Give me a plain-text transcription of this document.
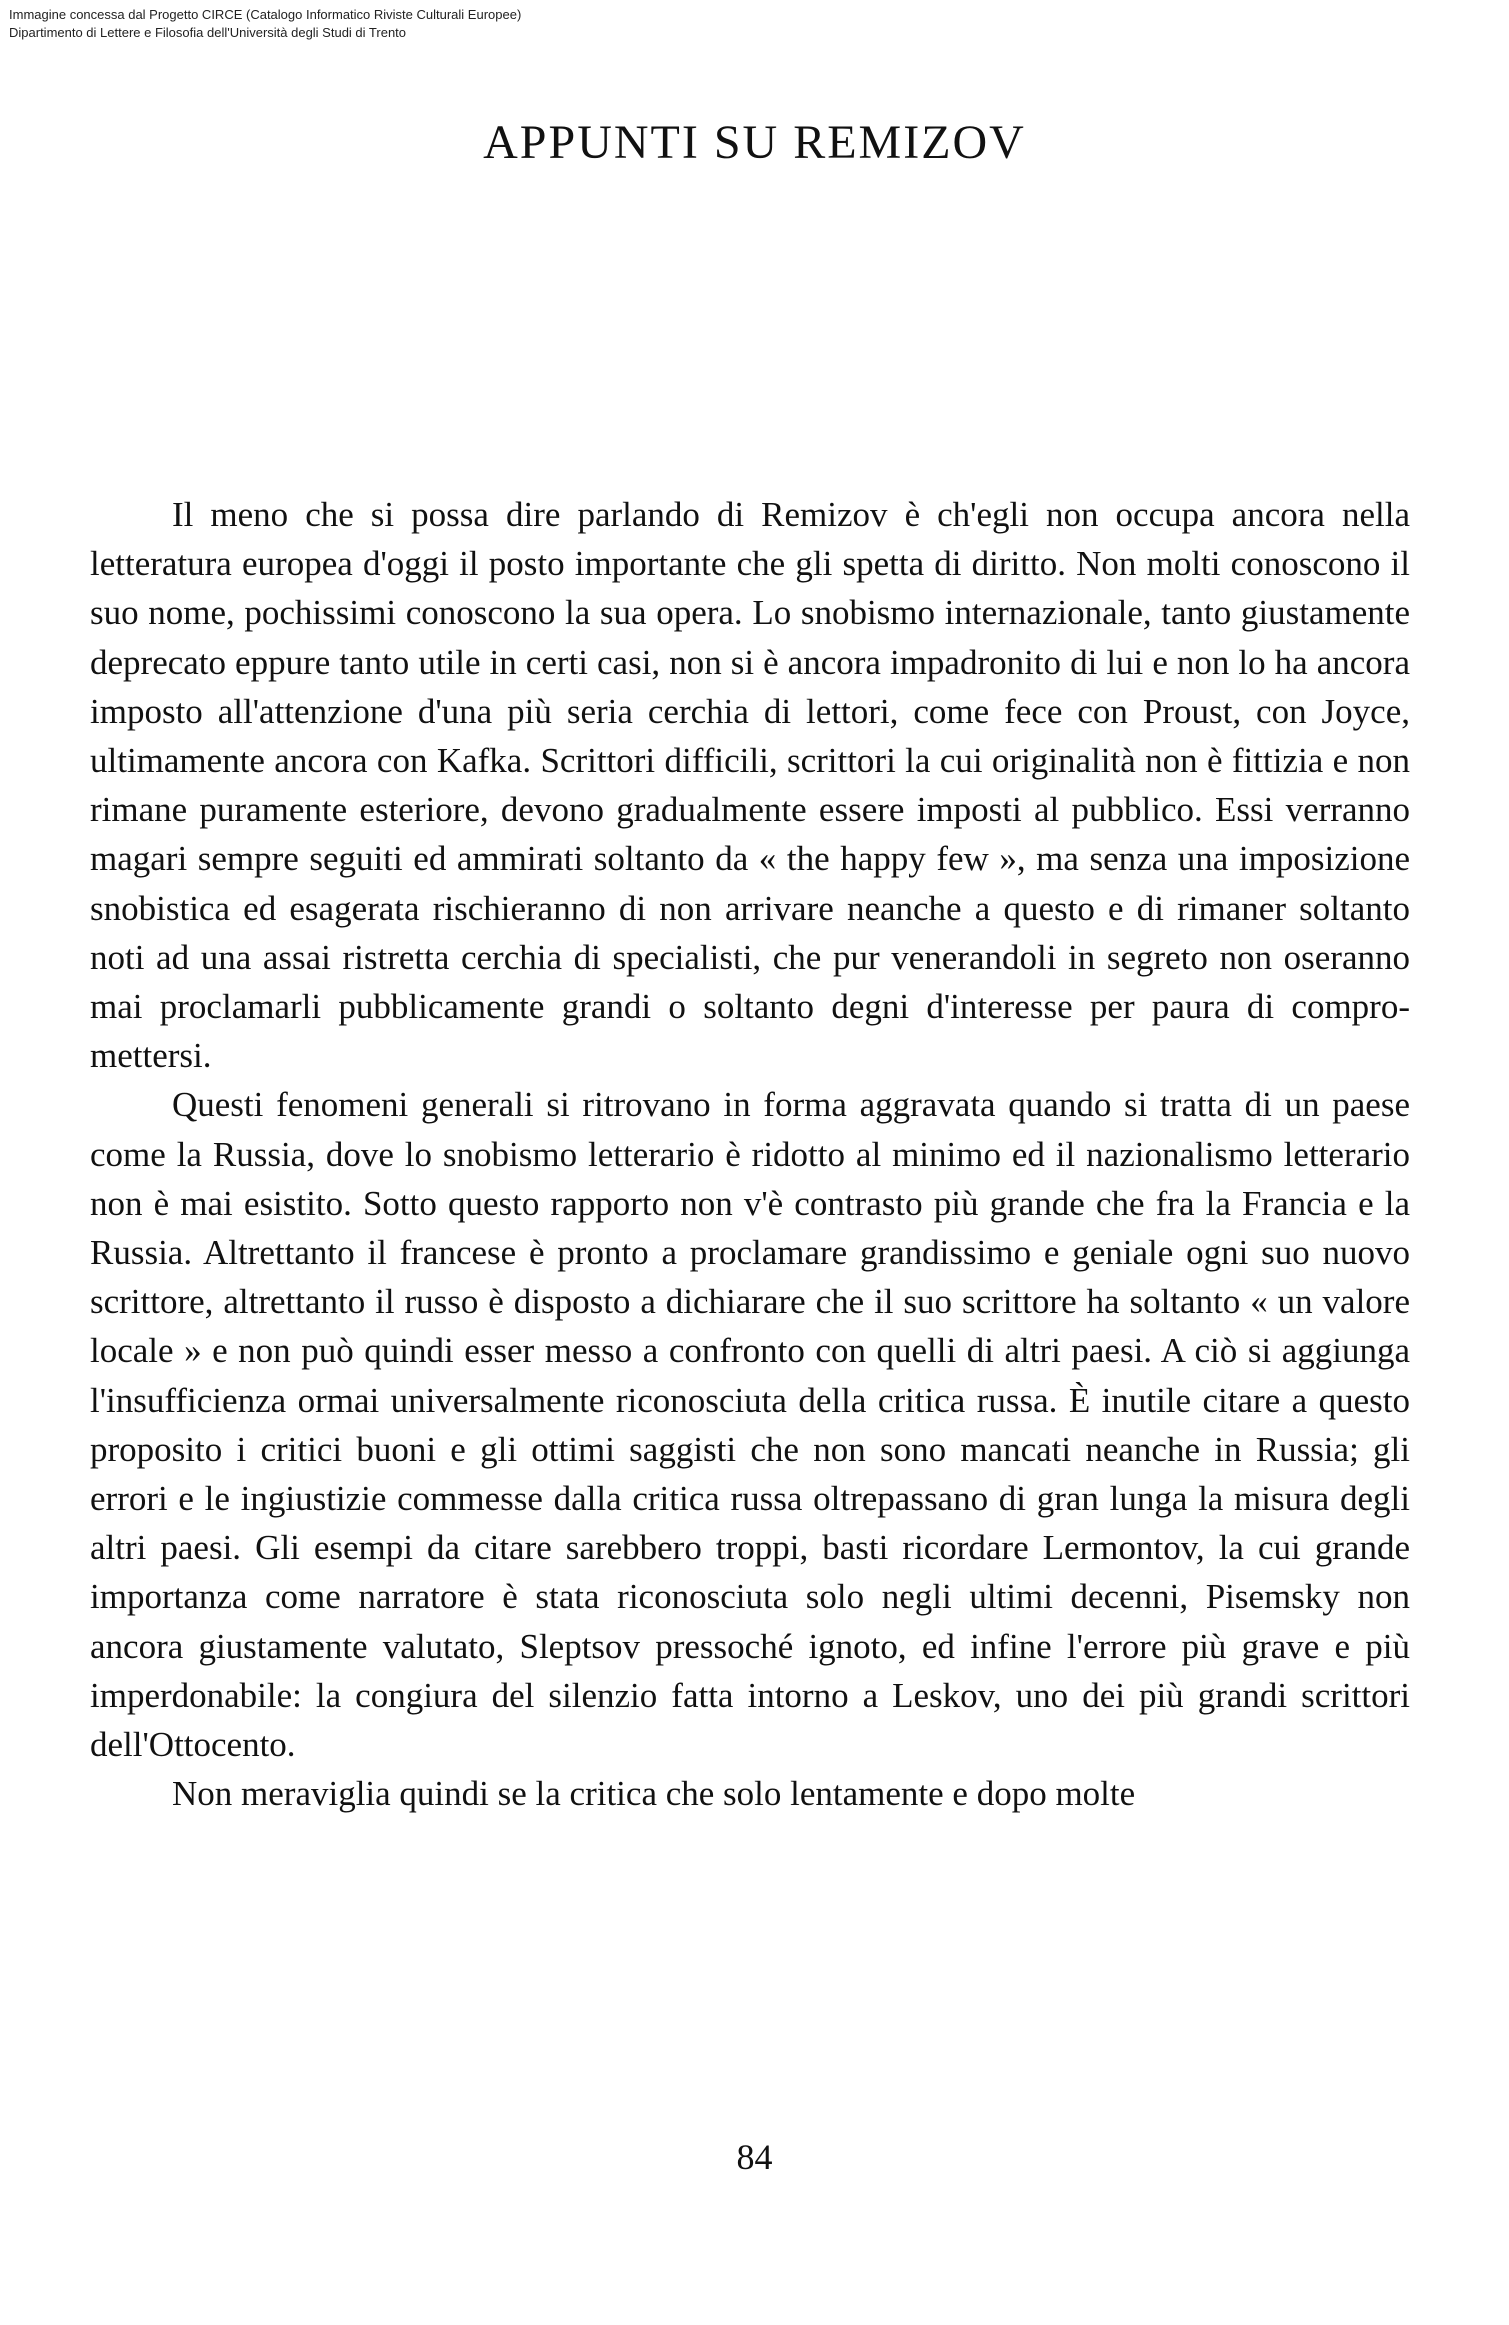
Immagine concessa dal Progetto CIRCE (Catalogo Informatico Riviste Culturali Europee)
Dipartimento di Lettere e Filosofia dell'Università degli Studi di Trento
APPUNTI SU REMIZOV

Il meno che si possa dire parlando di Remizov è ch'egli non occupa ancora nella letteratura europea d'oggi il posto importante che gli spetta di diritto. Non molti conoscono il suo nome, pochissimi conoscono la sua opera. Lo snobismo internazionale, tanto giustamente deprecato eppure tanto utile in certi casi, non si è ancora impadronito di lui e non lo ha ancora imposto all'attenzione d'una più seria cerchia di lettori, come fece con Proust, con Joyce, ultimamente ancora con Kafka. Scrittori difficili, scrittori la cui originalità non è fittizia e non rimane puramente esteriore, devono gradualmente essere imposti al pubblico. Essi verranno magari sempre seguiti ed ammirati soltanto da « the happy few », ma senza una imposizione snobistica ed esagerata rischieranno di non arrivare neanche a questo e di rimaner soltanto noti ad una assai ristretta cerchia di specialisti, che pur venerandoli in segreto non oseranno mai proclamarli pubblicamente grandi o soltanto degni d'interesse per paura di compromettersi.

Questi fenomeni generali si ritrovano in forma aggravata quando si tratta di un paese come la Russia, dove lo snobismo letterario è ridotto al minimo ed il nazionalismo letterario non è mai esistito. Sotto questo rapporto non v'è contrasto più grande che fra la Francia e la Russia. Altrettanto il francese è pronto a proclamare grandissimo e geniale ogni suo nuovo scrittore, altrettanto il russo è disposto a dichiarare che il suo scrittore ha soltanto « un valore locale » e non può quindi esser messo a confronto con quelli di altri paesi. A ciò si aggiunga l'insufficienza ormai universalmente riconosciuta della critica russa. È inutile citare a questo proposito i critici buoni e gli ottimi saggisti che non sono mancati neanche in Russia; gli errori e le ingiustizie commesse dalla critica russa oltrepassano di gran lunga la misura degli altri paesi. Gli esempi da citare sarebbero troppi, basti ricordare Lermontov, la cui grande importanza come narratore è stata riconosciuta solo negli ultimi decenni, Pisemsky non ancora giustamente valutato, Sleptsov pressoché ignoto, ed infine l'errore più grave e più imperdonabile: la congiura del silenzio fatta intorno a Leskov, uno dei più grandi scrittori dell'Ottocento.

Non meraviglia quindi se la critica che solo lentamente e dopo molte

84
